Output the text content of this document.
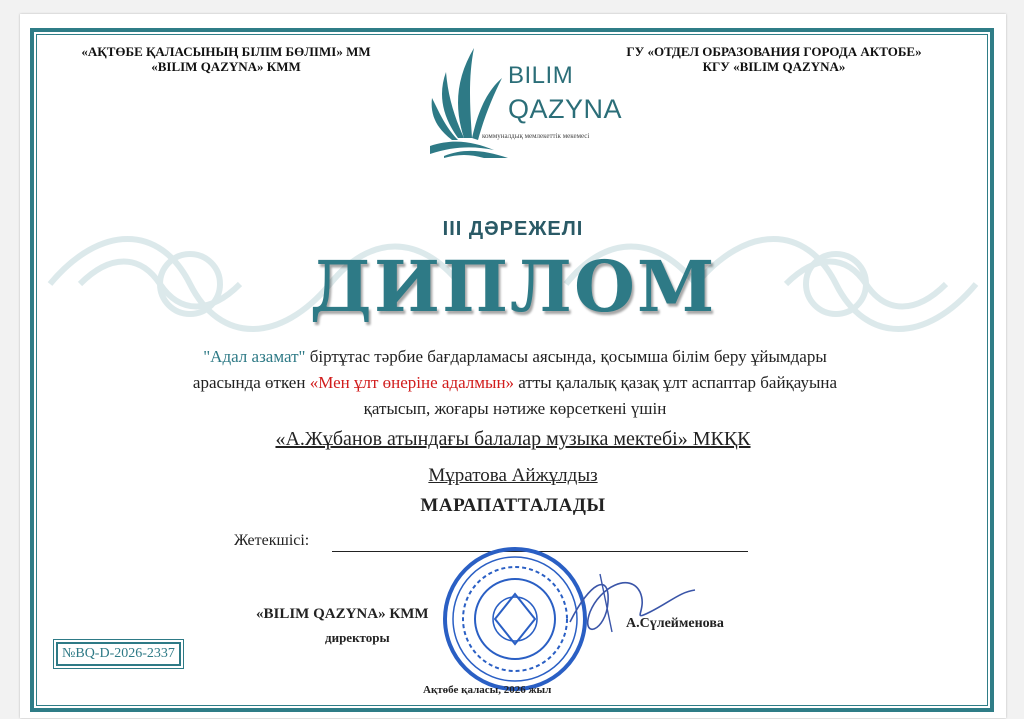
«АҚТӨБЕ ҚАЛАСЫНЫҢ БІЛІМ БӨЛІМІ» ММ
«BILIM QAZYNA» КММ	BILIM
QAZYNA
коммуналдық мемлекеттік мекемесі
ГУ «ОТДЕЛ ОБРАЗОВАНИЯ ГОРОДА АКТОБЕ»
КГУ «BILIM QAZYNA»
III ДӘРЕЖЕЛІ
ДИПЛОМ
"Адал азамат" біртұтас тәрбие бағдарламасы аясында, қосымша білім беру ұйымдары арасында өткен «Мен ұлт өнеріне адалмын» атты қалалық қазақ ұлт аспаптар байқауына қатысып, жоғары нәтиже көрсеткені үшін
«А.Жұбанов атындағы балалар музыка мектебі» МКҚК
Мұратова Айжұлдыз
МАРАПАТТАЛАДЫ
Жетекшісі:
«BILIM QAZYNA» КММ
директоры
А.Сүлейменова
Ақтөбе қаласы, 2026 жыл
№BQ-D-2026-2337
